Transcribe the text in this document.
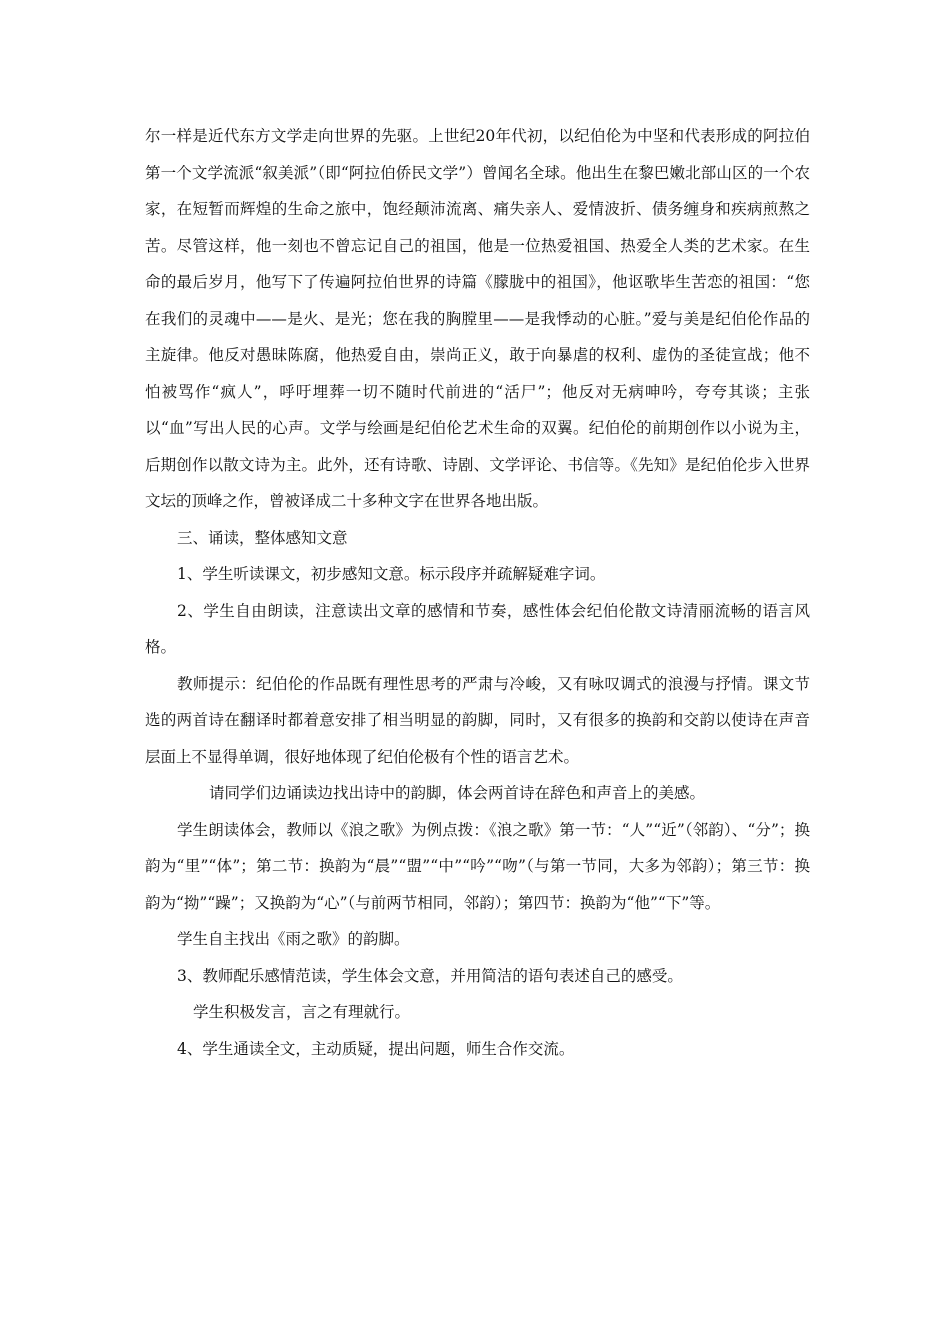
尔一样是近代东方文学走向世界的先驱。上世纪20年代初，以纪伯伦为中坚和代表形成的阿拉伯第一个文学流派“叙美派”（即“阿拉伯侨民文学”）曾闻名全球。他出生在黎巴嫩北部山区的一个农家，在短暂而辉煌的生命之旅中，饱经颠沛流离、痛失亲人、爱情波折、债务缠身和疾病煎熬之苦。尽管这样，他一刻也不曾忘记自己的祖国，他是一位热爱祖国、热爱全人类的艺术家。在生命的最后岁月，他写下了传遍阿拉伯世界的诗篇《朦胧中的祖国》，他讴歌毕生苦恋的祖国：“您在我们的灵魂中——是火、是光；您在我的胸膛里——是我悸动的心脏。”爱与美是纪伯伦作品的主旋律。他反对愚昧陈腐，他热爱自由，崇尚正义，敢于向暴虐的权利、虚伪的圣徒宣战；他不怕被骂作“疯人”，呼吁埋葬一切不随时代前进的“活尸”；他反对无病呻吟，夸夸其谈；主张以“血”写出人民的心声。文学与绘画是纪伯伦艺术生命的双翼。纪伯伦的前期创作以小说为主，后期创作以散文诗为主。此外，还有诗歌、诗剧、文学评论、书信等。《先知》是纪伯伦步入世界文坛的顶峰之作，曾被译成二十多种文字在世界各地出版。

三、诵读，整体感知文意

1、学生听读课文，初步感知文意。标示段序并疏解疑难字词。

2、学生自由朗读，注意读出文章的感情和节奏，感性体会纪伯伦散文诗清丽流畅的语言风格。

教师提示：纪伯伦的作品既有理性思考的严肃与冷峻，又有咏叹调式的浪漫与抒情。课文节选的两首诗在翻译时都着意安排了相当明显的韵脚，同时，又有很多的换韵和交韵以使诗在声音层面上不显得单调，很好地体现了纪伯伦极有个性的语言艺术。

请同学们边诵读边找出诗中的韵脚，体会两首诗在辞色和声音上的美感。

学生朗读体会，教师以《浪之歌》为例点拨：《浪之歌》第一节：“人”“近”（邻韵）、“分”；换韵为“里”“体”；第二节：换韵为“晨”“盟”“中”“吟”“吻”（与第一节同，大多为邻韵）；第三节：换韵为“拗”“躁”；又换韵为“心”（与前两节相同，邻韵）；第四节：换韵为“他”“下”等。

学生自主找出《雨之歌》的韵脚。

3、教师配乐感情范读，学生体会文意，并用简洁的语句表述自己的感受。

学生积极发言，言之有理就行。

4、学生通读全文，主动质疑，提出问题，师生合作交流。
